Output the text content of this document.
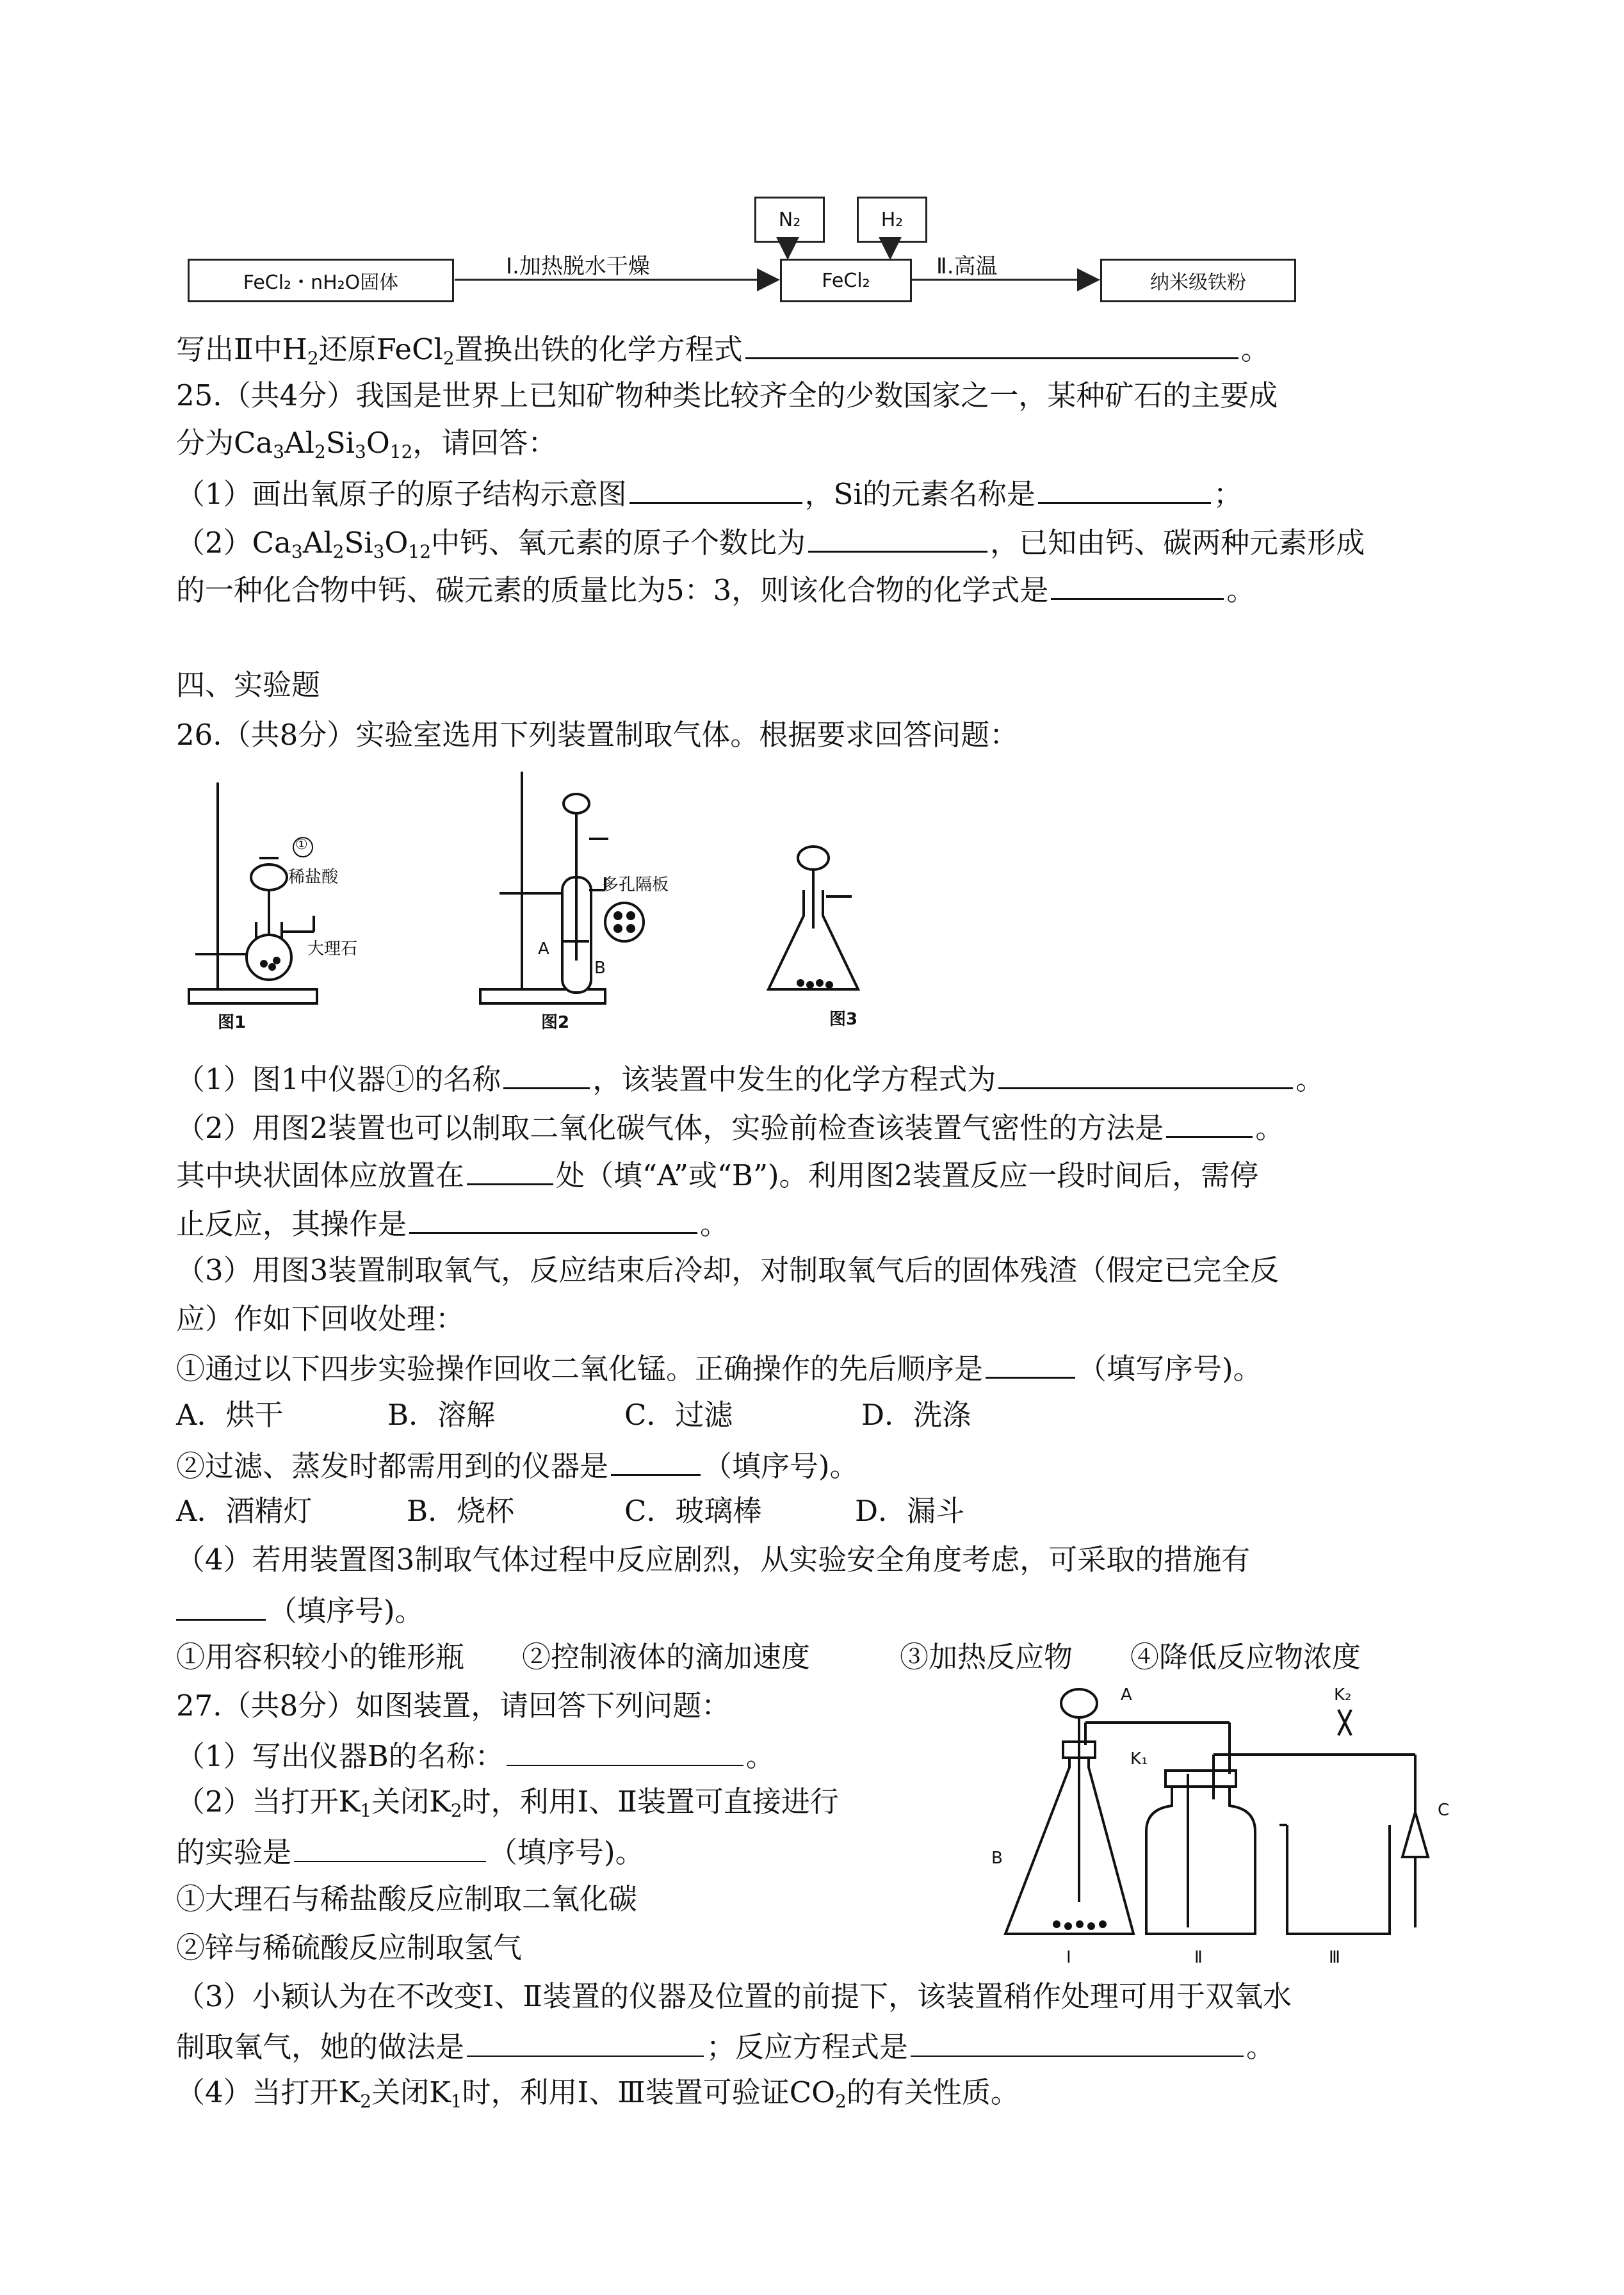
FeCl₂・nH₂O固体
N₂	H₂
FeCl₂	纳米级铁粉
Ⅰ.加热脱水干燥	Ⅱ.高温
写出Ⅱ中$H_2$还原FeCl$_2$置换出铁的化学方程式	。
25.（共4分）我国是世界上已知矿物种类比较齐全的少数国家之一，某种矿石的主要成
分为$Ca_3Al_2Si_3O_{12}$，请回答：
（1）画出氧原子的原子结构示意图	，Si的元素名称是	；
$(2)Ca_3Al_2Si_3O_{12}$中钙、氧元素的原子个数比为	，已知由钙、碳两种元素形成
的一种化合物中钙、碳元素的质量比为5：3，则该化合物的化学式是	。
四、实验题
26.（共8分）实验室选用下列装置制取气体。根据要求回答问题：
稀盐酸
大理石
图1
多孔隔板
A
B
图2	图3
①
（1）图1中仪器①的名称	，该装置中发生的化学方程式为	。
（2）用图2装置也可以制取二氧化碳气体，实验前检查该装置气密性的方法是	。
其中块状固体应放置在	处（填“A”或“B”)。利用图2装置反应一段时间后，需停
止反应，其操作是	。
（3）用图3装置制取氧气，反应结束后冷却，对制取氧气后的固体残渣（假定已完全反
应）作如下回收处理：
①通过以下四步实验操作回收二氧化锰。正确操作的先后顺序是	（填写序号)。
A．烘干	B．溶解	C．过滤	D．洗涤
②过滤、蒸发时都需用到的仪器是	（填序号)。
A．酒精灯	B．烧杯	C．玻璃棒	D．漏斗
（4）若用装置图3制取气体过程中反应剧烈，从实验安全角度考虑，可采取的措施有
（填序号)。
①用容积较小的锥形瓶 ②控制液体的滴加速度	③加热反应物 ④降低反应物浓度
27.（共8分）如图装置，请回答下列问题：
（1）写出仪器B的名称：	。
（2）当打开$K_1$关闭$K_2$时，利用Ⅰ、Ⅱ装置可直接进行
的实验是	（填序号)。
①大理石与稀盐酸反应制取二氧化碳
②锌与稀硫酸反应制取氢气
（3）小颖认为在不改变Ⅰ、Ⅱ装置的仪器及位置的前提下，该装置稍作处理可用于双氧水
制取氧气，她的做法是	；反应方程式是	。
（4）当打开$K_2$关闭$K_1$时，利用Ⅰ、Ⅲ装置可验证$CO_2$的有关性质。
A
B
C
K₁
K₂
Ⅰ	Ⅱ	Ⅲ
